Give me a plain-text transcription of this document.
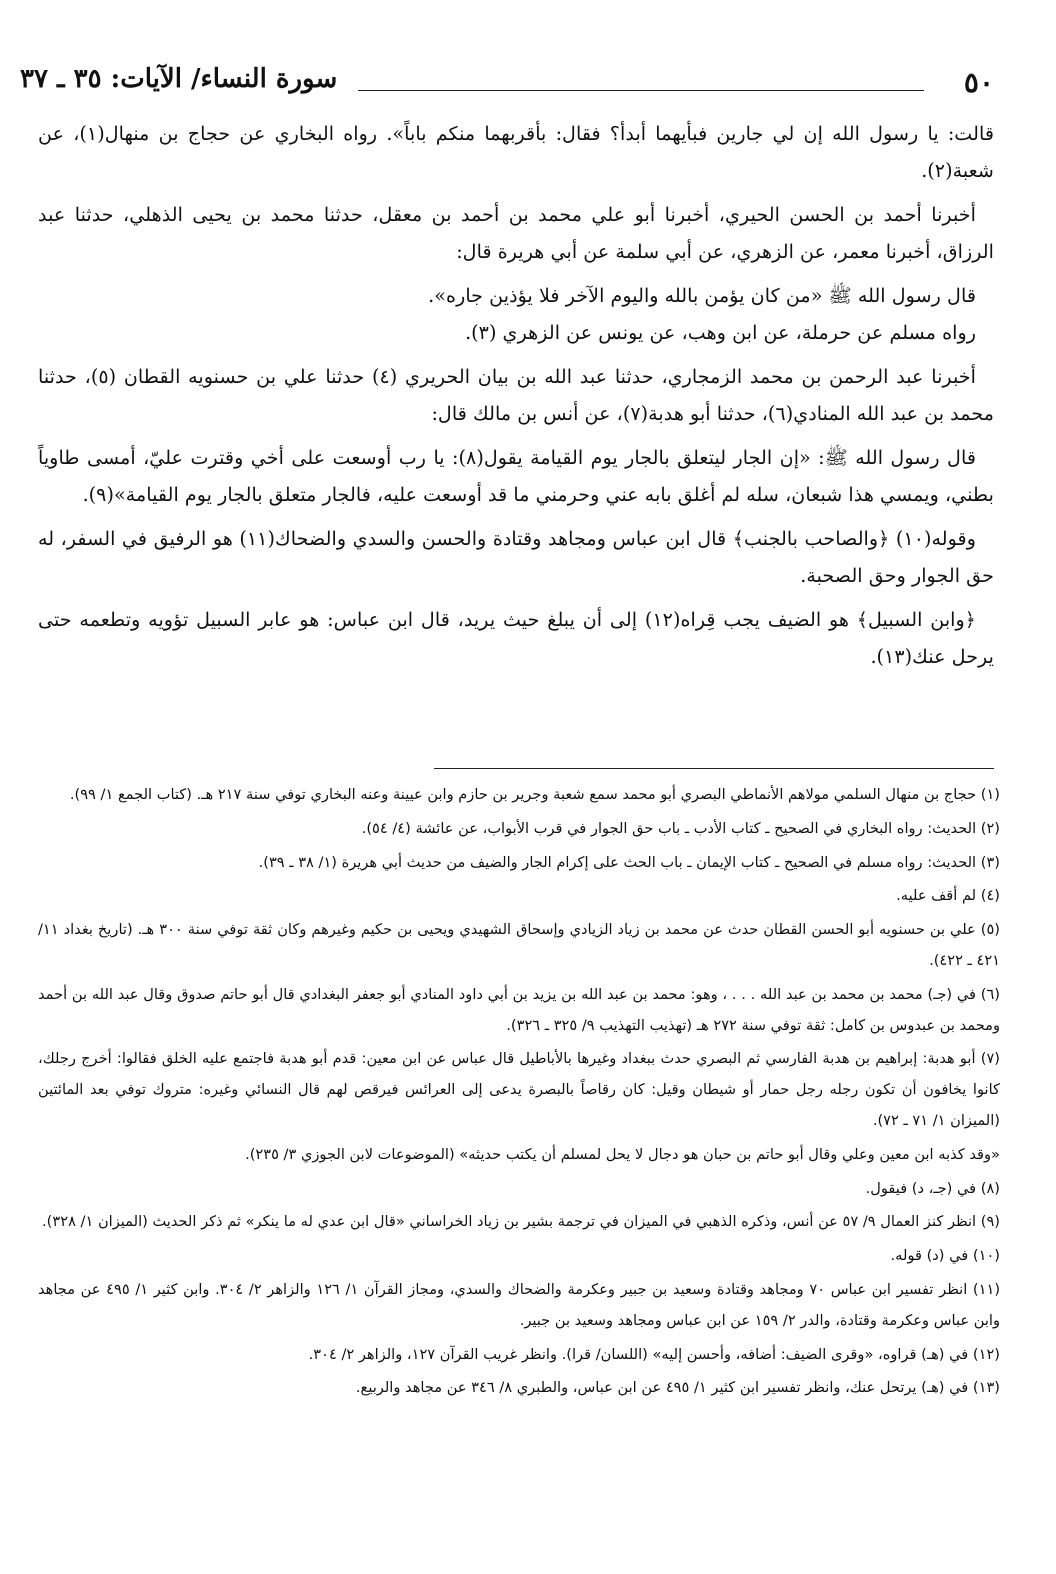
٥٠
سورة النساء/ الآيات: ٣٥ ـ ٣٧

قالت: يا رسول الله إن لي جارين فبأيهما أبدأ؟ فقال: بأقربهما منكم باباً». رواه البخاري عن حجاج بن منهال(١)، عن شعبة(٢).

أخبرنا أحمد بن الحسن الحيري، أخبرنا أبو علي محمد بن أحمد بن معقل، حدثنا محمد بن يحيى الذهلي، حدثنا عبد الرزاق، أخبرنا معمر، عن الزهري، عن أبي سلمة عن أبي هريرة قال:

قال رسول الله ﷺ «من كان يؤمن بالله واليوم الآخر فلا يؤذين جاره».

رواه مسلم عن حرملة، عن ابن وهب، عن يونس عن الزهري (٣).

أخبرنا عبد الرحمن بن محمد الزمجاري، حدثنا عبد الله بن بيان الحريري (٤) حدثنا علي بن حسنويه القطان (٥)، حدثنا محمد بن عبد الله المنادي(٦)، حدثنا أبو هدبة(٧)، عن أنس بن مالك قال:

قال رسول الله ﷺ: «إن الجار ليتعلق بالجار يوم القيامة يقول(٨): يا رب أوسعت على أخي وقترت عليّ، أمسى طاوياً بطني، ويمسي هذا شبعان، سله لم أغلق بابه عني وحرمني ما قد أوسعت عليه، فالجار متعلق بالجار يوم القيامة»(٩).

وقوله(١٠) ﴿والصاحب بالجنب﴾ قال ابن عباس ومجاهد وقتادة والحسن والسدي والضحاك(١١) هو الرفيق في السفر، له حق الجوار وحق الصحبة.

﴿وابن السبيل﴾ هو الضيف يجب قِراه(١٢) إلى أن يبلغ حيث يريد، قال ابن عباس: هو عابر السبيل تؤويه وتطعمه حتى يرحل عنك(١٣).

(١) حجاج بن منهال السلمي مولاهم الأنماطي البصري أبو محمد سمع شعبة وجرير بن حازم وابن عيينة وعنه البخاري توفي سنة ٢١٧ هـ. (كتاب الجمع ١/ ٩٩).

(٢) الحديث: رواه البخاري في الصحيح ـ كتاب الأدب ـ باب حق الجوار في قرب الأبواب، عن عائشة (٤/ ٥٤).

(٣) الحديث: رواه مسلم في الصحيح ـ كتاب الإيمان ـ باب الحث على إكرام الجار والضيف من حديث أبي هريرة (١/ ٣٨ ـ ٣٩).

(٤) لم أقف عليه.

(٥) علي بن حسنويه أبو الحسن القطان حدث عن محمد بن زياد الزيادي وإسحاق الشهيدي ويحيى بن حكيم وغيرهم وكان ثقة توفي سنة ٣٠٠ هـ. (تاريخ بغداد ١١/ ٤٢١ ـ ٤٢٢).

(٦) في (جـ) محمد بن محمد بن عبد الله . . . ، وهو: محمد بن عبد الله بن يزيد بن أبي داود المنادي أبو جعفر البغدادي قال أبو حاتم صدوق وقال عبد الله بن أحمد ومحمد بن عبدوس بن كامل: ثقة توفي سنة ٢٧٢ هـ (تهذيب التهذيب ٩/ ٣٢٥ ـ ٣٢٦).

(٧) أبو هدبة: إبراهيم بن هدبة الفارسي ثم البصري حدث ببغداد وغيرها بالأباطيل قال عباس عن ابن معين: قدم أبو هدبة فاجتمع عليه الخلق فقالوا: أخرج رجلك، كانوا يخافون أن تكون رجله رجل حمار أو شيطان وقيل: كان رقاصاً بالبصرة يدعى إلى العرائس فيرقص لهم قال النسائي وغيره: متروك توفي بعد المائتين (الميزان ١/ ٧١ ـ ٧٢).

«وقد كذبه ابن معين وعلي وقال أبو حاتم بن حبان هو دجال لا يحل لمسلم أن يكتب حديثه» (الموضوعات لابن الجوزي ٣/ ٢٣٥).

(٨) في (جـ، د) فيقول.

(٩) انظر كنز العمال ٩/ ٥٧ عن أنس، وذكره الذهبي في الميزان في ترجمة بشير بن زياد الخراساني «قال ابن عدي له ما ينكر» ثم ذكر الحديث (الميزان ١/ ٣٢٨).

(١٠) في (د) قوله.

(١١) انظر تفسير ابن عباس ٧٠ ومجاهد وقتادة وسعيد بن جبير وعكرمة والضحاك والسدي، ومجاز القرآن ١/ ١٢٦ والزاهر ٢/ ٣٠٤. وابن كثير ١/ ٤٩٥ عن مجاهد وابن عباس وعكرمة وقتادة، والدر ٢/ ١٥٩ عن ابن عباس ومجاهد وسعيد بن جبير.

(١٢) في (هـ) قراوه، «وقرى الضيف: أضافه، وأحسن إليه» (اللسان/ قرا). وانظر غريب القرآن ١٢٧، والزاهر ٢/ ٣٠٤.

(١٣) في (هـ) يرتحل عنك، وانظر تفسير ابن كثير ١/ ٤٩٥ عن ابن عباس، والطبري ٨/ ٣٤٦ عن مجاهد والربيع.
